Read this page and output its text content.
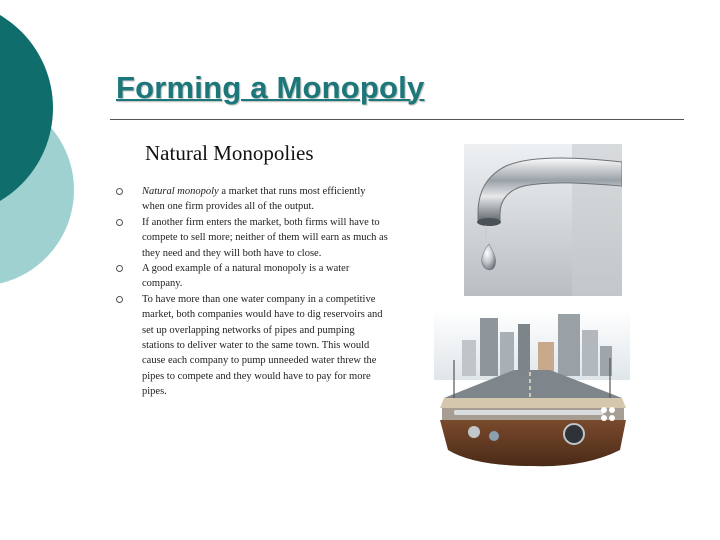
Forming a Monopoly
Natural Monopolies
Natural monopoly a market that runs most efficiently when one firm provides all of the output.
If another firm enters the market, both firms will have to compete to sell more; neither of them will earn as much as they need and they will both have to close.
A good example of a natural monopoly is a water company.
To have more than one water company in a competitive market, both companies would have to dig reservoirs and set up overlapping networks of pipes and pumping stations to deliver water to the same town. This would cause each company to pump unneeded water threw the pipes to compete and they would have to pay for more pipes.
